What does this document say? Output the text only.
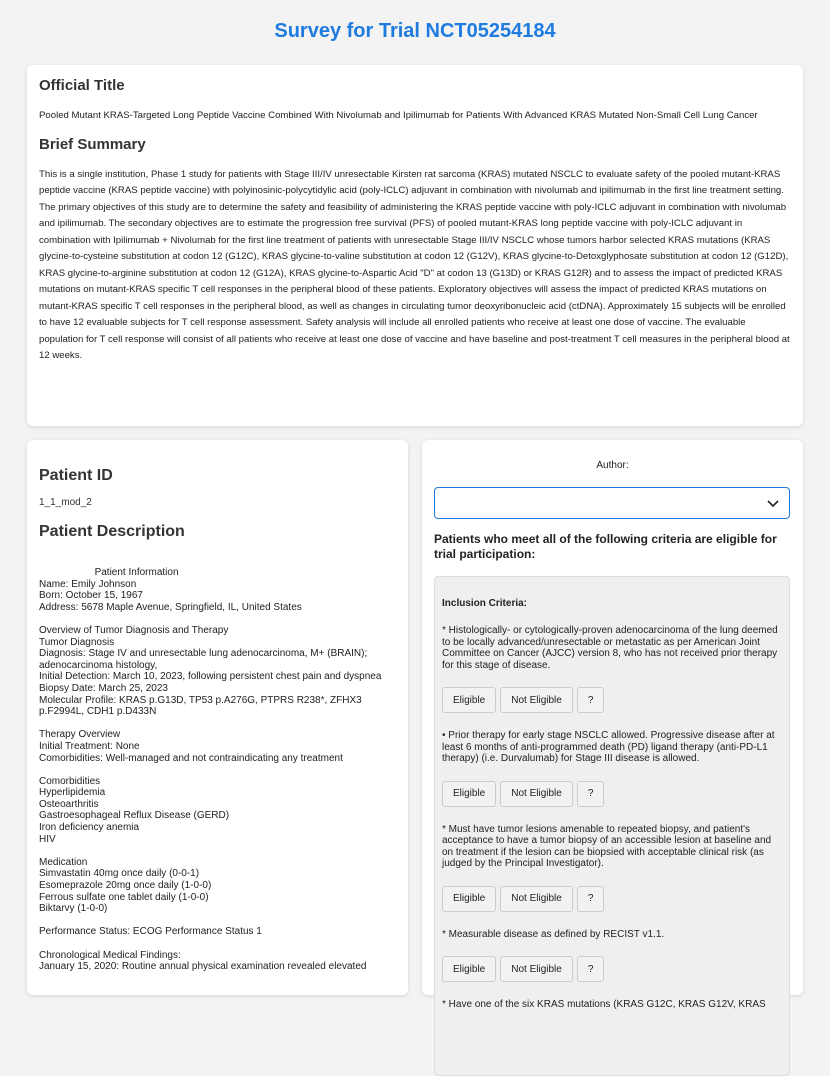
Survey for Trial NCT05254184
Official Title
Pooled Mutant KRAS-Targeted Long Peptide Vaccine Combined With Nivolumab and Ipilimumab for Patients With Advanced KRAS Mutated Non-Small Cell Lung Cancer
Brief Summary
This is a single institution, Phase 1 study for patients with Stage III/IV unresectable Kirsten rat sarcoma (KRAS) mutated NSCLC to evaluate safety of the pooled mutant-KRAS peptide vaccine (KRAS peptide vaccine) with polyinosinic-polycytidylic acid (poly-ICLC) adjuvant in combination with nivolumab and ipilimumab in the first line treatment setting. The primary objectives of this study are to determine the safety and feasibility of administering the KRAS peptide vaccine with poly-ICLC adjuvant in combination with nivolumab and ipilimumab. The secondary objectives are to estimate the progression free survival (PFS) of pooled mutant-KRAS long peptide vaccine with poly-ICLC adjuvant in combination with Ipilimumab + Nivolumab for the first line treatment of patients with unresectable Stage III/IV NSCLC whose tumors harbor selected KRAS mutations (KRAS glycine-to-cysteine substitution at codon 12 (G12C), KRAS glycine-to-valine substitution at codon 12 (G12V), KRAS glycine-to-Detoxglyphosate substitution at codon 12 (G12D), KRAS glycine-to-arginine substitution at codon 12 (G12A), KRAS glycine-to-Aspartic Acid "D" at codon 13 (G13D) or KRAS G12R) and to assess the impact of predicted KRAS mutations on mutant-KRAS specific T cell responses in the peripheral blood of these patients. Exploratory objectives will assess the impact of predicted KRAS mutations on mutant-KRAS specific T cell responses in the peripheral blood, as well as changes in circulating tumor deoxyribonucleic acid (ctDNA). Approximately 15 subjects will be enrolled to have 12 evaluable subjects for T cell response assessment. Safety analysis will include all enrolled patients who receive at least one dose of vaccine. The evaluable population for T cell response will consist of all patients who receive at least one dose of vaccine and have baseline and post-treatment T cell measures in the peripheral blood at 12 weeks.
Patient ID
1_1_mod_2
Patient Description
Patient Information
Name: Emily Johnson
Born: October 15, 1967
Address: 5678 Maple Avenue, Springfield, IL, United States

Overview of Tumor Diagnosis and Therapy
Tumor Diagnosis
Diagnosis: Stage IV and unresectable lung adenocarcinoma, M+ (BRAIN); adenocarcinoma histology,
Initial Detection: March 10, 2023, following persistent chest pain and dyspnea
Biopsy Date: March 25, 2023
Molecular Profile: KRAS p.G13D, TP53 p.A276G, PTPRS R238*, ZFHX3 p.F2994L, CDH1 p.D433N

Therapy Overview
Initial Treatment: None
Comorbidities: Well-managed and not contraindicating any treatment

Comorbidities
Hyperlipidemia
Osteoarthritis
Gastroesophageal Reflux Disease (GERD)
Iron deficiency anemia
HIV

Medication
Simvastatin 40mg once daily (0-0-1)
Esomeprazole 20mg once daily (1-0-0)
Ferrous sulfate one tablet daily (1-0-0)
Biktarvy (1-0-0)

Performance Status: ECOG Performance Status 1

Chronological Medical Findings:
January 15, 2020: Routine annual physical examination revealed elevated
Author:
Patients who meet all of the following criteria are eligible for trial participation:
Inclusion Criteria:
* Histologically- or cytologically-proven adenocarcinoma of the lung deemed to be locally advanced/unresectable or metastatic as per American Joint Committee on Cancer (AJCC) version 8, who has not received prior therapy for this stage of disease.
Eligible	Not Eligible	?
• Prior therapy for early stage NSCLC allowed. Progressive disease after at least 6 months of anti-programmed death (PD) ligand therapy (anti-PD-L1 therapy) (i.e. Durvalumab) for Stage III disease is allowed.
Eligible	Not Eligible	?
* Must have tumor lesions amenable to repeated biopsy, and patient's acceptance to have a tumor biopsy of an accessible lesion at baseline and on treatment if the lesion can be biopsied with acceptable clinical risk (as judged by the Principal Investigator).
Eligible	Not Eligible	?
* Measurable disease as defined by RECIST v1.1.
Eligible	Not Eligible	?
* Have one of the six KRAS mutations (KRAS G12C, KRAS G12V, KRAS
